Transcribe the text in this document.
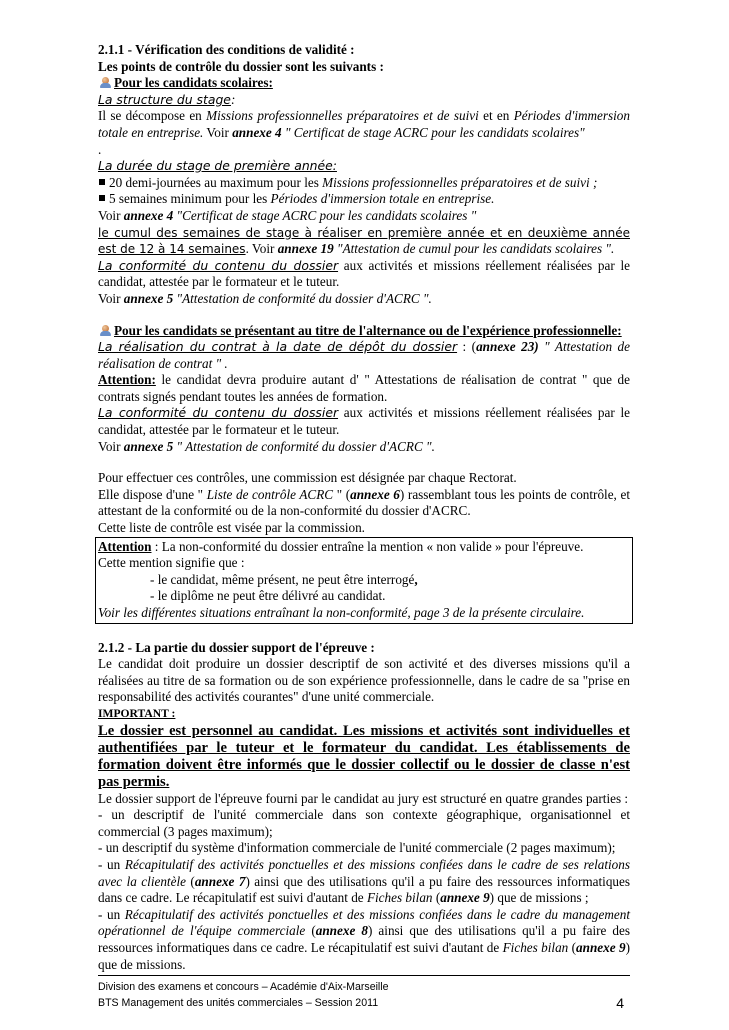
2.1.1 - Vérification des conditions de validité :

Les points de contrôle du dossier sont les suivants :

Pour les candidats scolaires:

La structure du stage:

Il se décompose en Missions professionnelles préparatoires et de suivi et en Périodes d'immersion totale en entreprise. Voir annexe 4 " Certificat de stage ACRC pour les candidats scolaires"

.

La durée du stage de première année:

20 demi-journées au maximum pour les Missions professionnelles préparatoires et de suivi ;

5 semaines minimum pour les Périodes d'immersion totale en entreprise.

Voir annexe 4 "Certificat de stage ACRC pour les candidats scolaires "

le cumul des semaines de stage à réaliser en première année et en deuxième année est de 12 à 14 semaines. Voir annexe 19 "Attestation de cumul pour les candidats scolaires ".

La conformité du contenu du dossier aux activités et missions réellement réalisées par le candidat, attestée par le formateur et le tuteur.

Voir annexe 5 "Attestation de conformité du dossier d'ACRC ".

Pour les candidats se présentant au titre de l'alternance ou de l'expérience professionnelle:

La réalisation du contrat à la date de dépôt du dossier : (annexe 23) " Attestation de réalisation de contrat " .

Attention: le candidat devra produire autant d' " Attestations de réalisation de contrat " que de contrats signés pendant toutes les années de formation.

La conformité du contenu du dossier aux activités et missions réellement réalisées par le candidat, attestée par le formateur et le tuteur.

Voir annexe 5 " Attestation de conformité du dossier d'ACRC ".

Pour effectuer ces contrôles, une commission est désignée par chaque Rectorat.

Elle dispose d'une " Liste de contrôle ACRC " (annexe 6) rassemblant tous les points de contrôle, et attestant de la conformité ou de la non-conformité du dossier d'ACRC.

Cette liste de contrôle est visée par la commission.

Attention : La non-conformité du dossier entraîne la mention « non valide » pour l'épreuve.

Cette mention signifie que :

- le candidat, même présent, ne peut être interrogé,

- le diplôme ne peut être délivré au candidat.

Voir les différentes situations entraînant la non-conformité, page 3 de la présente circulaire.

2.1.2 - La partie du dossier support de l'épreuve :

Le candidat doit produire un dossier descriptif de son activité et des diverses missions qu'il a réalisées au titre de sa formation ou de son expérience professionnelle, dans le cadre de sa "prise en responsabilité des activités courantes" d'une unité commerciale.

IMPORTANT :

Le dossier est personnel au candidat. Les missions et activités sont individuelles et authentifiées par le tuteur et le formateur du candidat. Les établissements de formation doivent être informés que le dossier collectif ou le dossier de classe n'est pas permis.

Le dossier support de l'épreuve fourni par le candidat au jury est structuré en quatre grandes parties :

- un descriptif de l'unité commerciale dans son contexte géographique, organisationnel et commercial (3 pages maximum);

- un descriptif du système d'information commerciale de l'unité commerciale (2 pages maximum);

- un Récapitulatif des activités ponctuelles et des missions confiées dans le cadre de ses relations avec la clientèle (annexe 7) ainsi que des utilisations qu'il a pu faire des ressources informatiques dans ce cadre. Le récapitulatif est suivi d'autant de Fiches bilan (annexe 9) que de missions ;

- un Récapitulatif des activités ponctuelles et des missions confiées dans le cadre du management opérationnel de l'équipe commerciale (annexe 8) ainsi que des utilisations qu'il a pu faire des ressources informatiques dans ce cadre. Le récapitulatif est suivi d'autant de Fiches bilan (annexe 9) que de missions.

Division des examens et concours – Académie d'Aix-Marseille
BTS Management des unités commerciales – Session 2011	4
